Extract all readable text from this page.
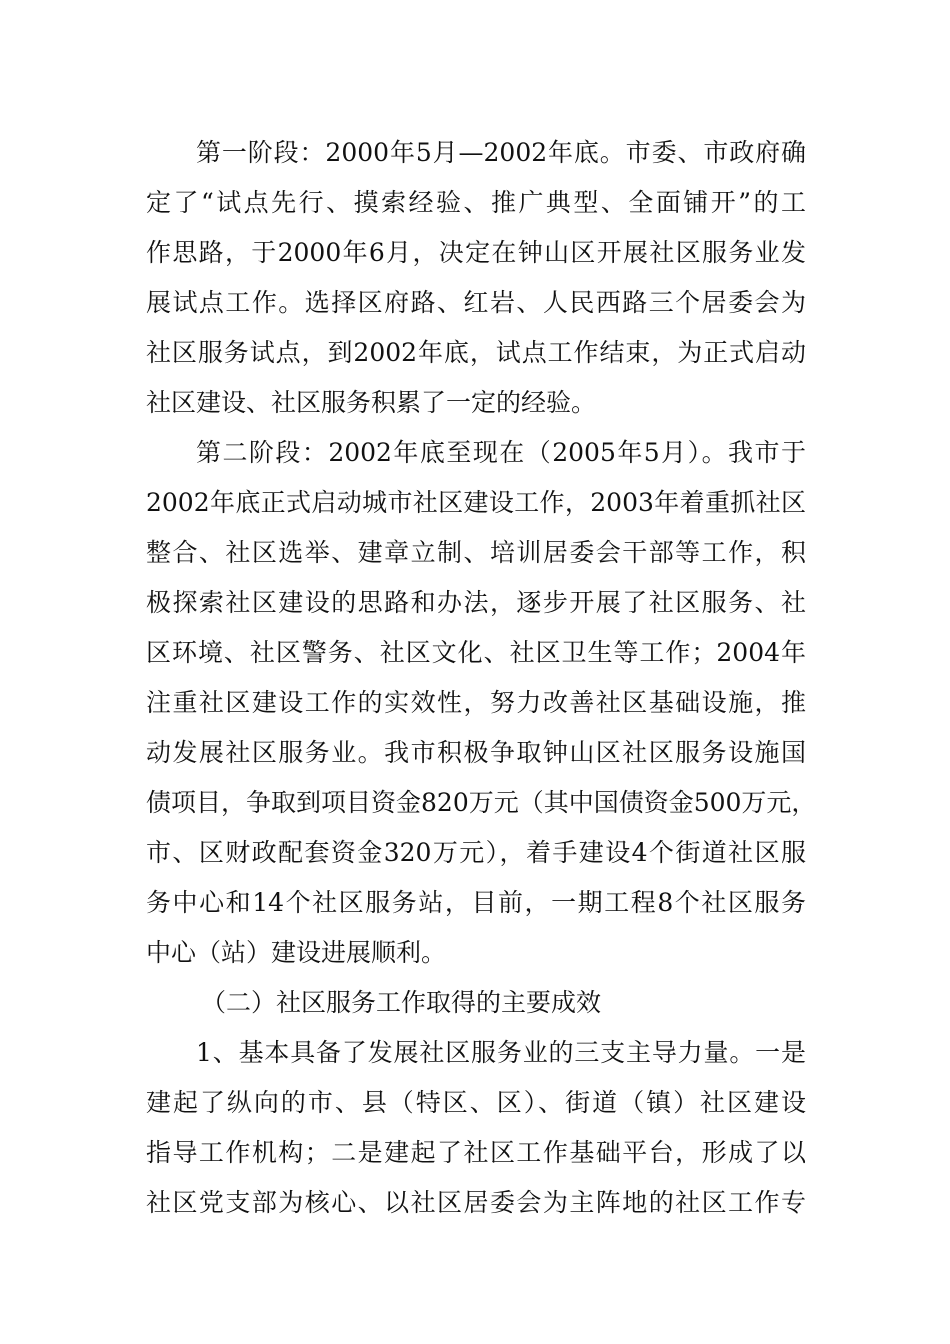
第一阶段：2000年5月—2002年底。市委、市政府确
定了“试点先行、摸索经验、推广典型、全面铺开”的工
作思路，于2000年6月，决定在钟山区开展社区服务业发
展试点工作。选择区府路、红岩、人民西路三个居委会为
社区服务试点，到2002年底，试点工作结束，为正式启动
社区建设、社区服务积累了一定的经验。
第二阶段：2002年底至现在（2005年5月）。我市于
2002年底正式启动城市社区建设工作，2003年着重抓社区
整合、社区选举、建章立制、培训居委会干部等工作，积
极探索社区建设的思路和办法，逐步开展了社区服务、社
区环境、社区警务、社区文化、社区卫生等工作；2004年
注重社区建设工作的实效性，努力改善社区基础设施，推
动发展社区服务业。我市积极争取钟山区社区服务设施国
债项目，争取到项目资金820万元（其中国债资金500万元，
市、区财政配套资金320万元），着手建设4个街道社区服
务中心和14个社区服务站，目前，一期工程8个社区服务
中心（站）建设进展顺利。
（二）社区服务工作取得的主要成效
1、基本具备了发展社区服务业的三支主导力量。一是
建起了纵向的市、县（特区、区）、街道（镇）社区建设
指导工作机构；二是建起了社区工作基础平台，形成了以
社区党支部为核心、以社区居委会为主阵地的社区工作专
